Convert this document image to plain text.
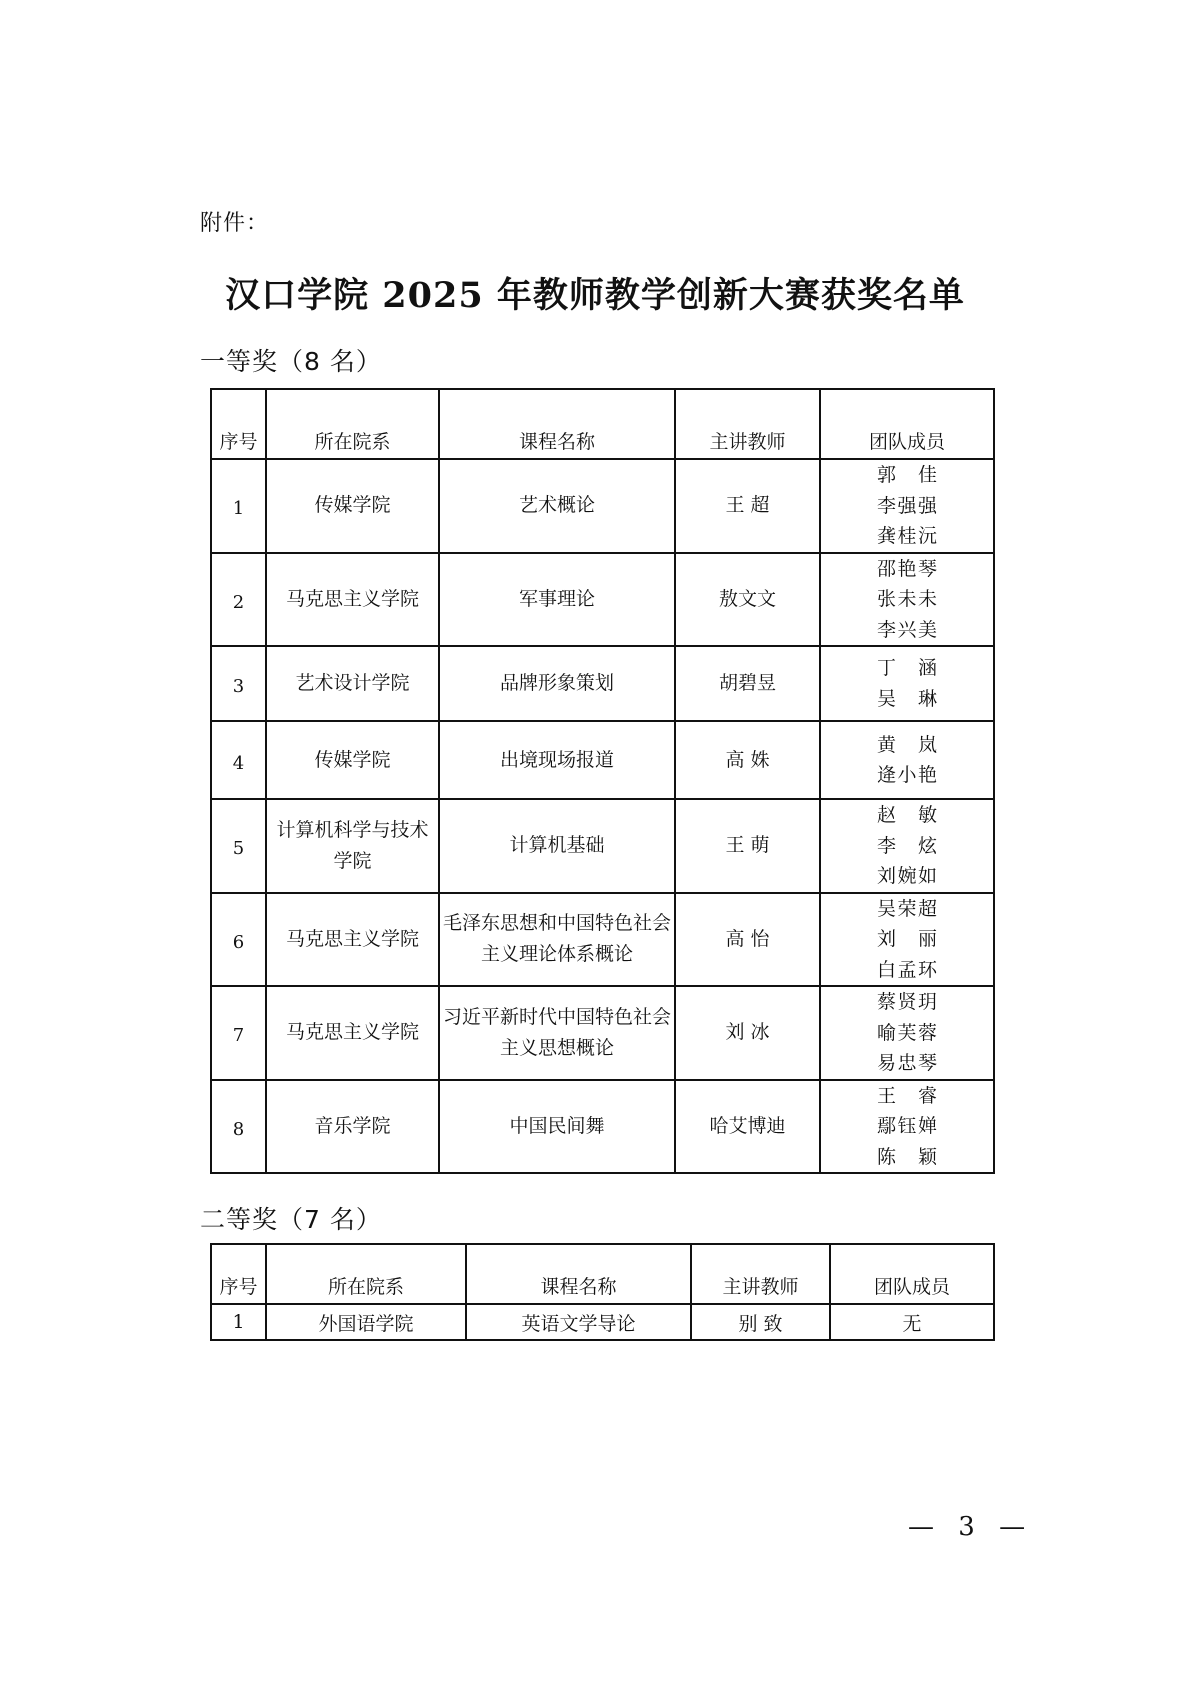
附件：
汉口学院 2025 年教师教学创新大赛获奖名单
一等奖（8 名）
序号	所在院系	课程名称	主讲教师	团队成员
1	传媒学院	艺术概论	王 超	郭 佳
李强强
龚桂沅

2	马克思主义学院	军事理论	敖文文	邵艳琴
张未未
李兴美

3	艺术设计学院	品牌形象策划	胡碧昱	丁 涵
吴 琳

4	传媒学院	出境现场报道	高 姝	黄 岚
逄小艳

5	计算机科学与技术学院	计算机基础	王 萌	赵 敏
李 炫
刘婉如

6	马克思主义学院	毛泽东思想和中国特色社会主义理论体系概论	高 怡	吴荣超
刘 丽
白孟环

7	马克思主义学院	习近平新时代中国特色社会主义思想概论	刘 冰	蔡贤玥
喻芙蓉
易忠琴

8	音乐学院	中国民间舞	哈艾博迪	王 睿
鄢钰婵
陈 颖
二等奖（7 名）
序号	所在院系	课程名称	主讲教师	团队成员
1	外国语学院	英语文学导论	别 致	无
— 3 —
